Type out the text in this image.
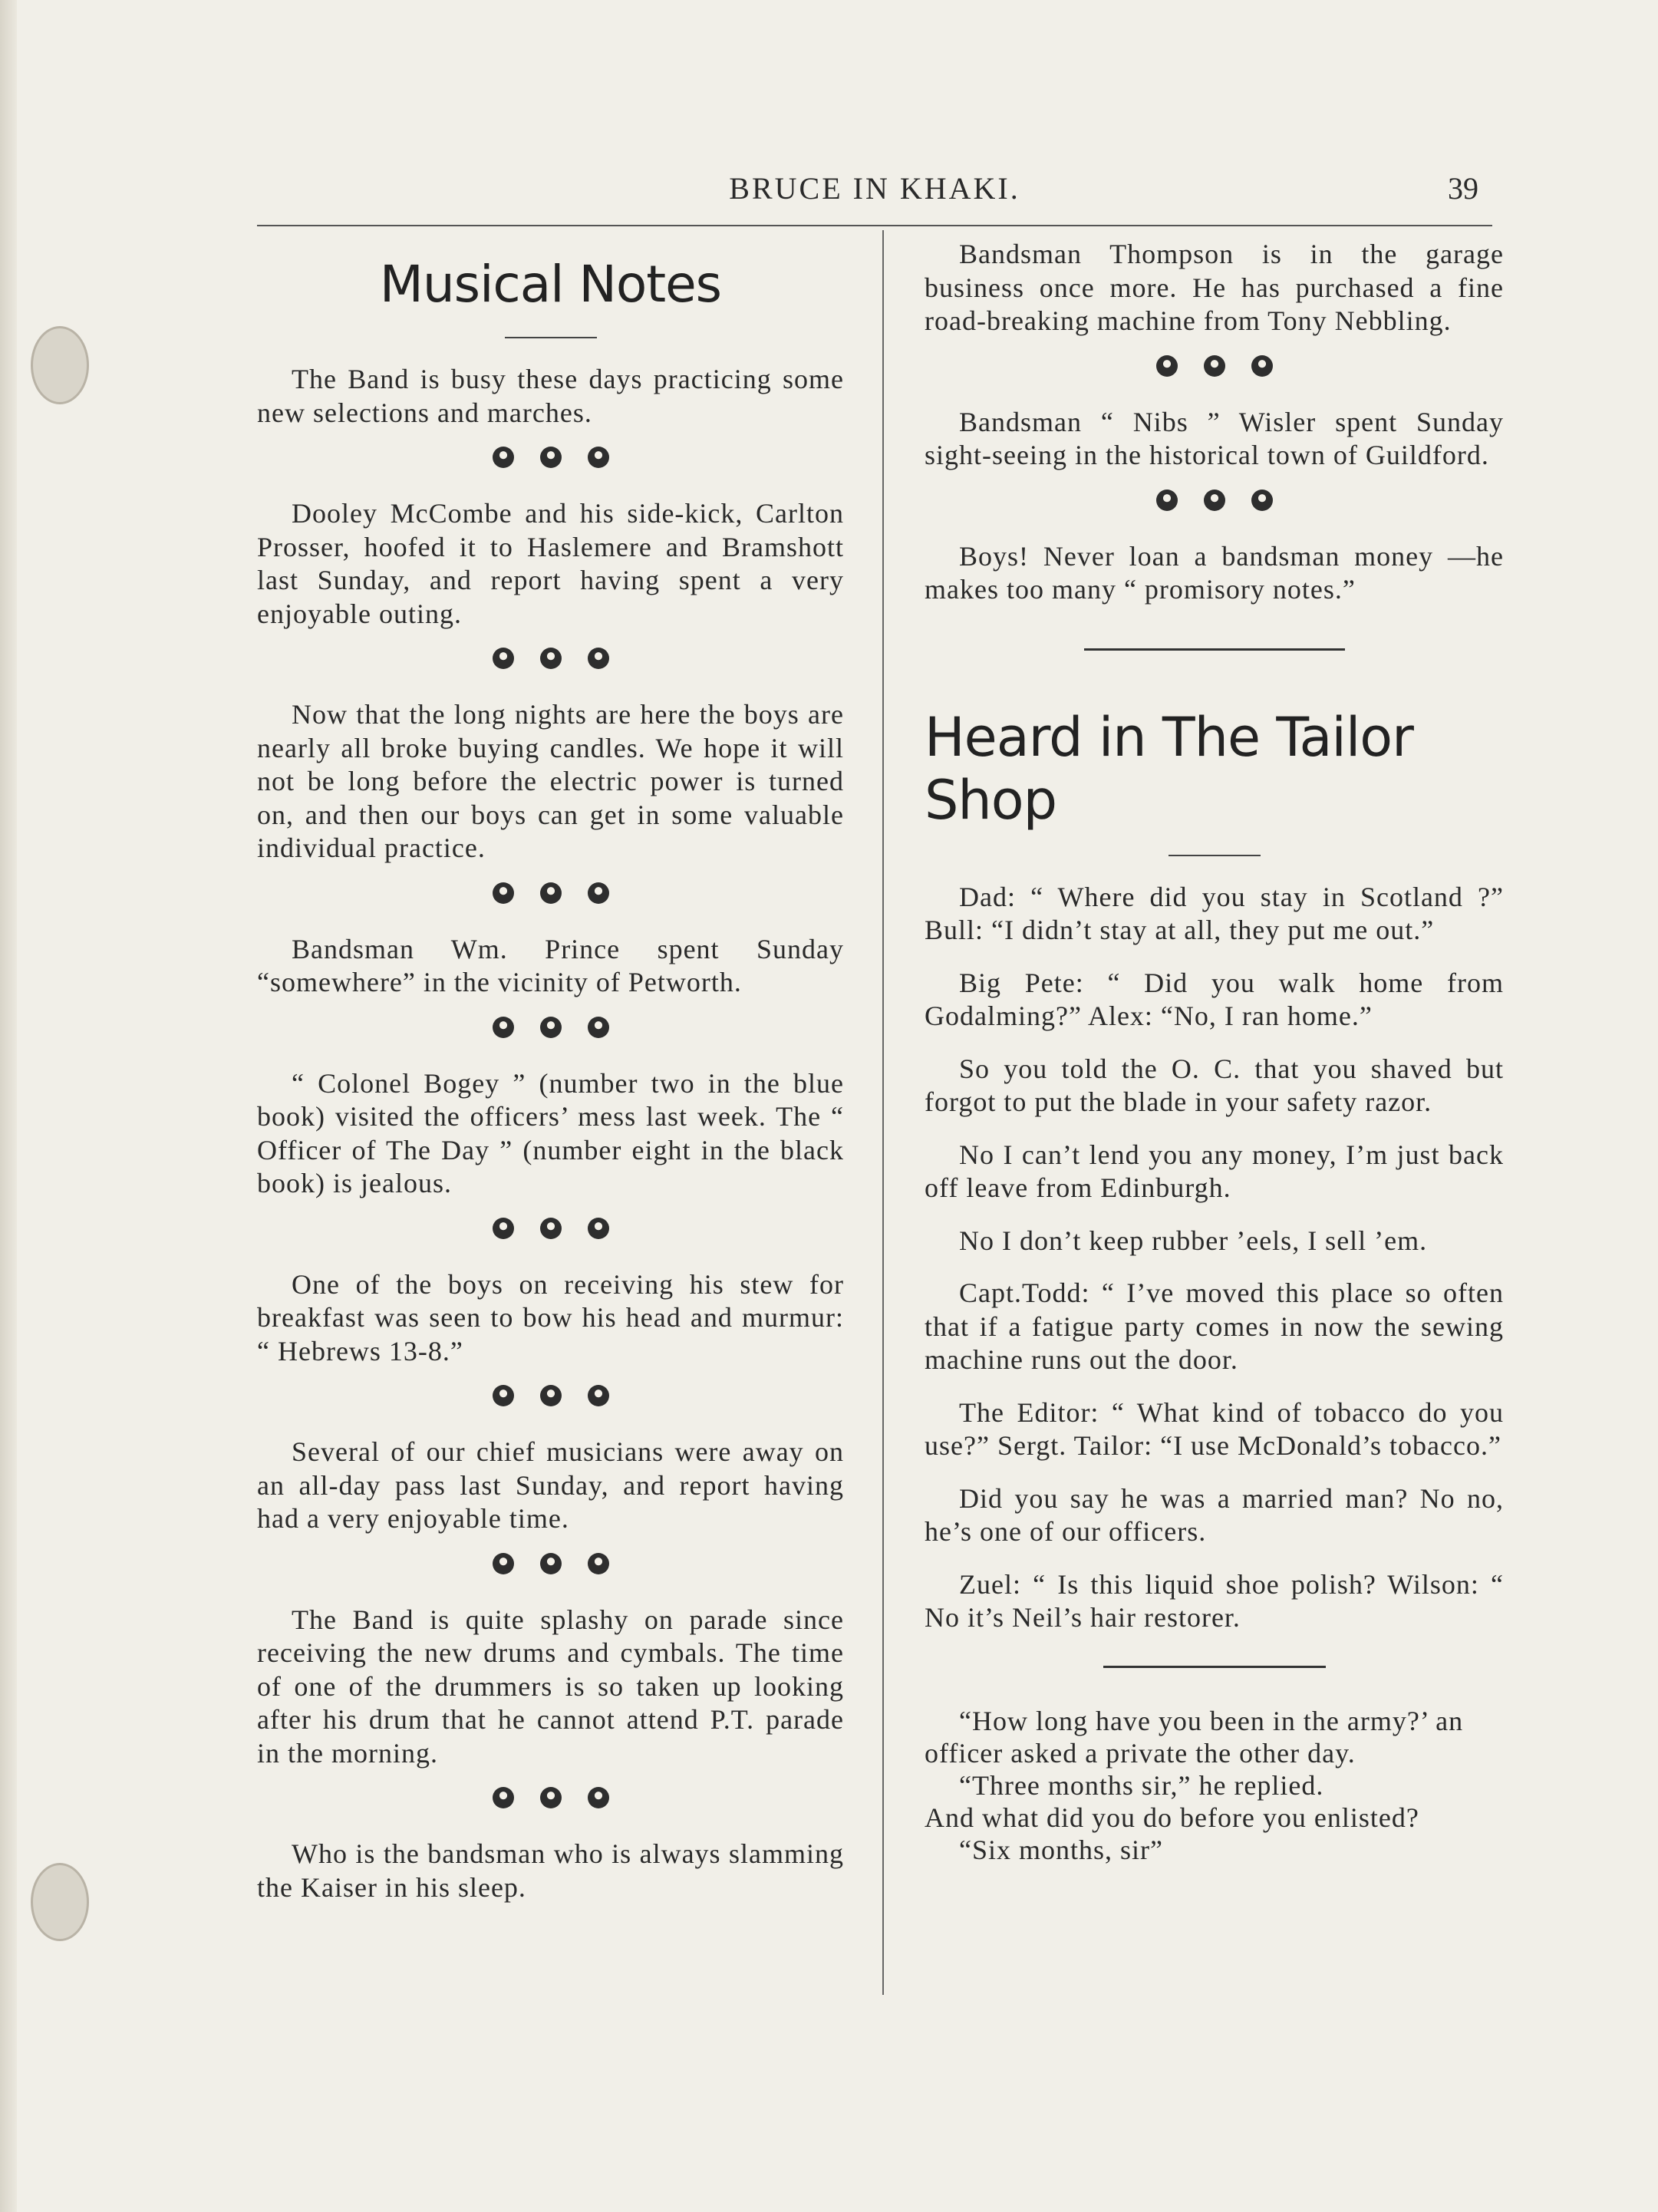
BRUCE IN KHAKI.	39
Musical Notes

The Band is busy these days practicing some new selections and marches.

Dooley McCombe and his side-kick, Carlton Prosser, hoofed it to Haslemere and Bramshott last Sunday, and report having spent a very enjoyable outing.

Now that the long nights are here the boys are nearly all broke buying candles. We hope it will not be long before the electric power is turned on, and then our boys can get in some valuable individual practice.

Bandsman Wm. Prince spent Sunday “somewhere” in the vicinity of Petworth.

“ Colonel Bogey ” (number two in the blue book) visited the officers’ mess last week. The “ Officer of The Day ” (number eight in the black book) is jealous.

One of the boys on receiving his stew for breakfast was seen to bow his head and murmur: “ Hebrews 13-8.”

Several of our chief musicians were away on an all-day pass last Sunday, and report having had a very enjoyable time.

The Band is quite splashy on parade since receiving the new drums and cymbals. The time of one of the drummers is so taken up looking after his drum that he cannot attend P.T. parade in the morning.

Who is the bandsman who is always slamming the Kaiser in his sleep.

Bandsman Thompson is in the garage business once more. He has purchased a fine road-breaking machine from Tony Nebbling.

Bandsman “ Nibs ” Wisler spent Sunday sight-seeing in the historical town of Guildford.

Boys! Never loan a bandsman money —he makes too many “ promisory notes.”

Heard in The Tailor Shop

Dad: “ Where did you stay in Scotland ?” Bull: “I didn’t stay at all, they put me out.”

Big Pete: “ Did you walk home from Godalming?” Alex: “No, I ran home.”

So you told the O. C. that you shaved but forgot to put the blade in your safety razor.

No I can’t lend you any money, I’m just back off leave from Edinburgh.

No I don’t keep rubber ’eels, I sell ’em.

Capt.Todd: “ I’ve moved this place so often that if a fatigue party comes in now the sewing machine runs out the door.

The Editor: “ What kind of tobacco do you use?” Sergt. Tailor: “I use McDonald’s tobacco.”

Did you say he was a married man? No no, he’s one of our officers.

Zuel: “ Is this liquid shoe polish? Wilson: “ No it’s Neil’s hair restorer.

“How long have you been in the army?’ an officer asked a private the other day.

“Three months sir,” he replied.

And what did you do before you enlisted?

“Six months, sir”
